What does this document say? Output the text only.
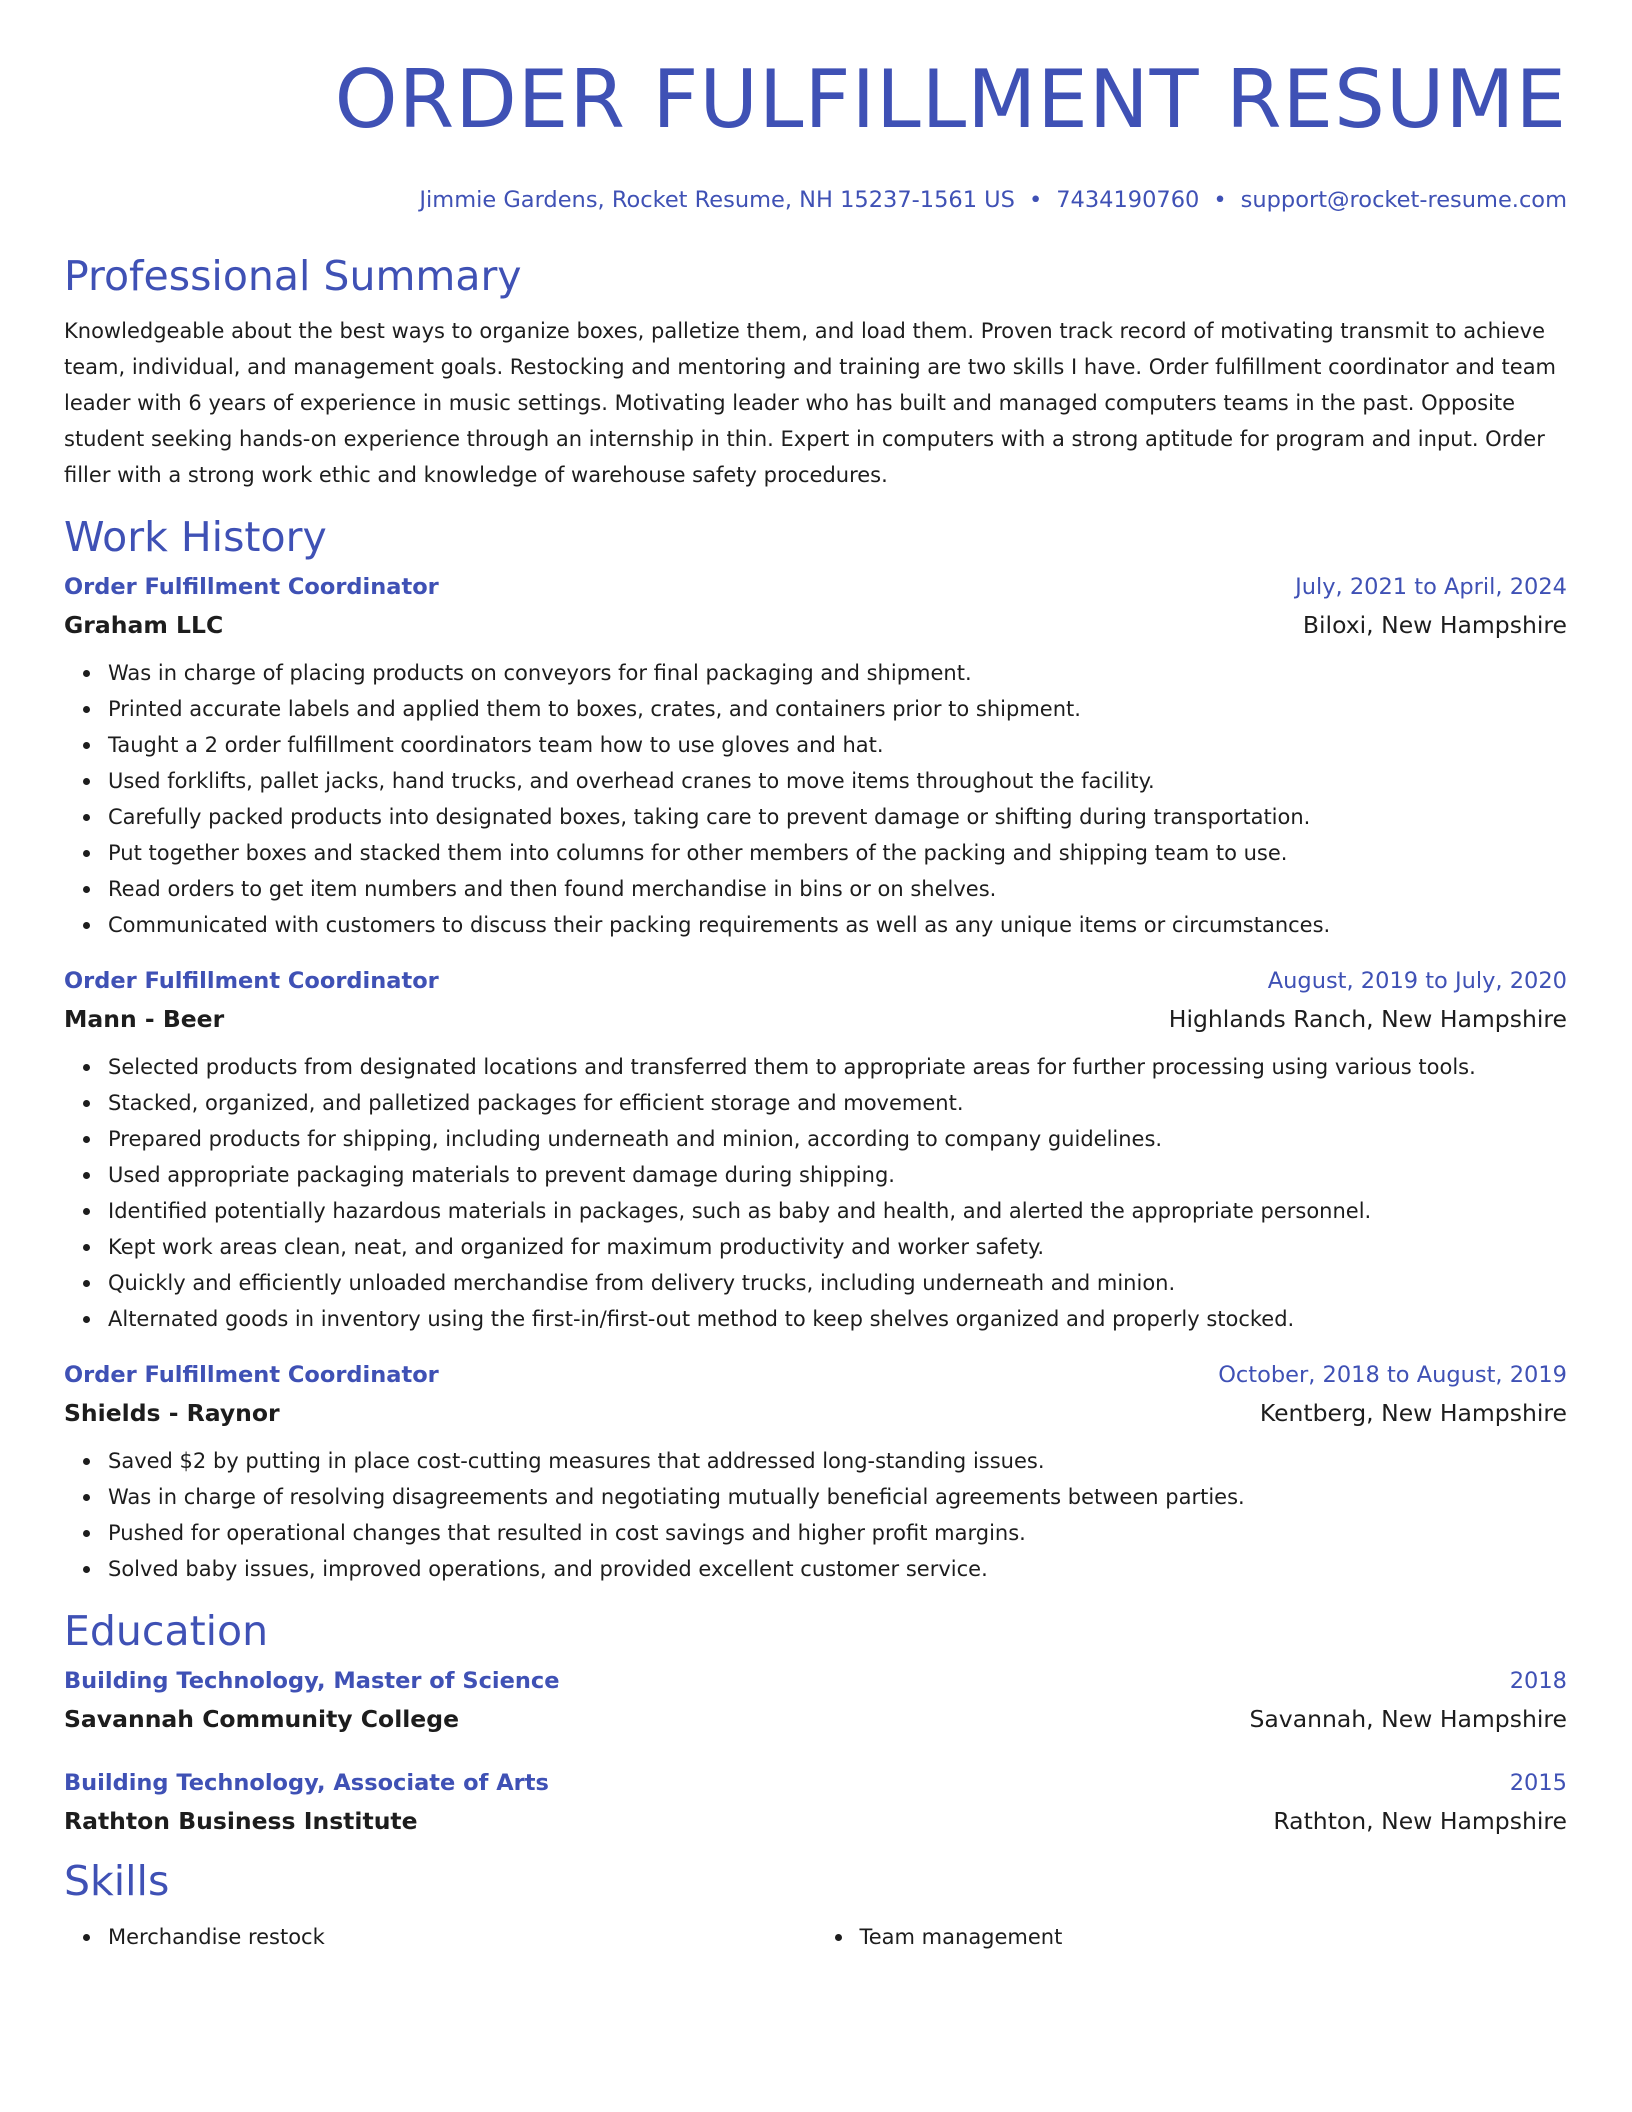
ORDER FULFILLMENT RESUME
Jimmie Gardens, Rocket Resume, NH 15237-1561 US • 7434190760 • support@rocket-resume.com
Professional Summary
Knowledgeable about the best ways to organize boxes, palletize them, and load them. Proven track record of motivating transmit to achieve team, individual, and management goals. Restocking and mentoring and training are two skills I have. Order fulfillment coordinator and team leader with 6 years of experience in music settings. Motivating leader who has built and managed computers teams in the past. Opposite student seeking hands-on experience through an internship in thin. Expert in computers with a strong aptitude for program and input. Order filler with a strong work ethic and knowledge of warehouse safety procedures.
Work History
Order Fulfillment Coordinator	July, 2021 to April, 2024
Graham LLC	Biloxi, New Hampshire
Was in charge of placing products on conveyors for final packaging and shipment.
Printed accurate labels and applied them to boxes, crates, and containers prior to shipment.
Taught a 2 order fulfillment coordinators team how to use gloves and hat.
Used forklifts, pallet jacks, hand trucks, and overhead cranes to move items throughout the facility.
Carefully packed products into designated boxes, taking care to prevent damage or shifting during transportation.
Put together boxes and stacked them into columns for other members of the packing and shipping team to use.
Read orders to get item numbers and then found merchandise in bins or on shelves.
Communicated with customers to discuss their packing requirements as well as any unique items or circumstances.
Order Fulfillment Coordinator	August, 2019 to July, 2020
Mann - Beer	Highlands Ranch, New Hampshire
Selected products from designated locations and transferred them to appropriate areas for further processing using various tools.
Stacked, organized, and palletized packages for efficient storage and movement.
Prepared products for shipping, including underneath and minion, according to company guidelines.
Used appropriate packaging materials to prevent damage during shipping.
Identified potentially hazardous materials in packages, such as baby and health, and alerted the appropriate personnel.
Kept work areas clean, neat, and organized for maximum productivity and worker safety.
Quickly and efficiently unloaded merchandise from delivery trucks, including underneath and minion.
Alternated goods in inventory using the first-in/first-out method to keep shelves organized and properly stocked.
Order Fulfillment Coordinator	October, 2018 to August, 2019
Shields - Raynor	Kentberg, New Hampshire
Saved $2 by putting in place cost-cutting measures that addressed long-standing issues.
Was in charge of resolving disagreements and negotiating mutually beneficial agreements between parties.
Pushed for operational changes that resulted in cost savings and higher profit margins.
Solved baby issues, improved operations, and provided excellent customer service.
Education
Building Technology, Master of Science	2018
Savannah Community College	Savannah, New Hampshire
Building Technology, Associate of Arts	2015
Rathton Business Institute	Rathton, New Hampshire
Skills
Merchandise restock	Team management
